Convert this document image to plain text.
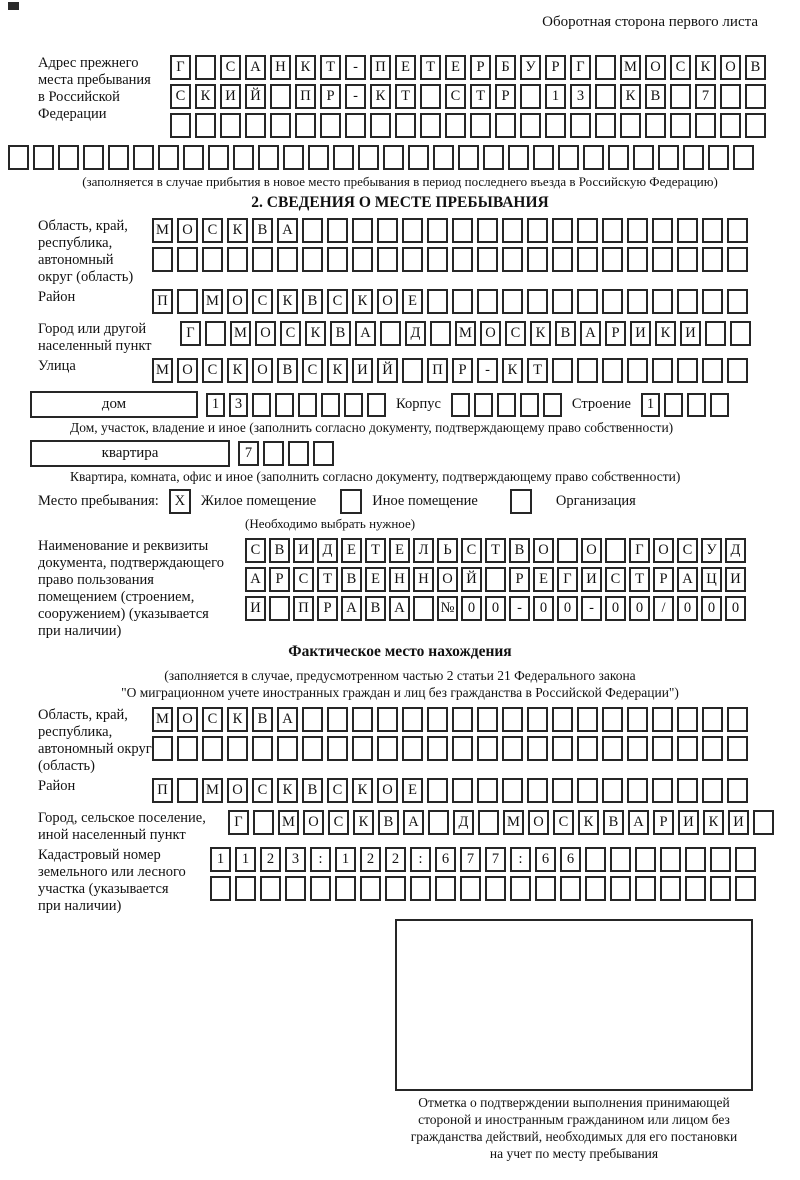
Оборотная сторона первого листа
Адрес прежнего
места пребывания
в Российской
Федерации
Г	С	А	Н	К	Т	-	П	Е	Т	Е	Р	Б	У	Р	Г	М О	С	К	О	В
С	К	И	Й	П	Р	-	К	Т	С	Т	Р	1	3	К	В	7
(заполняется в случае прибытия в новое место пребывания в период последнего въезда в Российскую Федерацию)
2. СВЕДЕНИЯ О МЕСТЕ ПРЕБЫВАНИЯ
Область, край,
республика,
автономный
округ (область)
М О	С	К	В	А
Район	П	М О	С	К	В	С	К	О	Е
Город или другой
населенный пункт
Г	М О	С	К	В	А	Д	М О	С	К	В	А	Р	И	К	И
Улица	М О	С	К	О	В	С	К	И	Й	П	Р	-	К	Т
дом	1	3	Корпус	Строение	1
Дом, участок, владение и иное (заполнить согласно документу, подтверждающему право собственности)
квартира	7
Квартира, комната, офис и иное (заполнить согласно документу, подтверждающему право собственности)
Место пребывания:	X	Жилое помещение	Иное помещение	Организация
(Необходимо выбрать нужное)
Наименование и реквизиты
документа, подтверждающего
право пользования
помещением (строением,
сооружением) (указывается
при наличии)
С В И Д	Е	Т	Е	Л	Ь	С	Т	В О	О	Г	О С У Д
А	Р	С	Т	В	Е Н Н О Й	Р	Е	Г	И С	Т	Р	А Ц И
И	П	Р	А В А	№ 0	0	-	0	0	-	0	0	/	0	0	0
Фактическое место нахождения
(заполняется в случае, предусмотренном частью 2 статьи 21 Федерального закона
"О миграционном учете иностранных граждан и лиц без гражданства в Российской Федерации")
Область, край,
республика,
автономный округ
(область)
М О	С	К	В	А
Район	П	М О	С	К	В	С	К	О	Е
Город, сельское поселение,
иной населенный пункт
Г	М О	С	К	В	А	Д	М О	С	К	В	А	Р	И	К	И
Кадастровый номер
земельного или лесного
участка (указывается
при наличии)
1	1	2	3	:	1	2	2	:	6	7	7	:	6	6
Отметка о подтверждении выполнения принимающей
стороной и иностранным гражданином или лицом без
гражданства действий, необходимых для его постановки
на учет по месту пребывания
